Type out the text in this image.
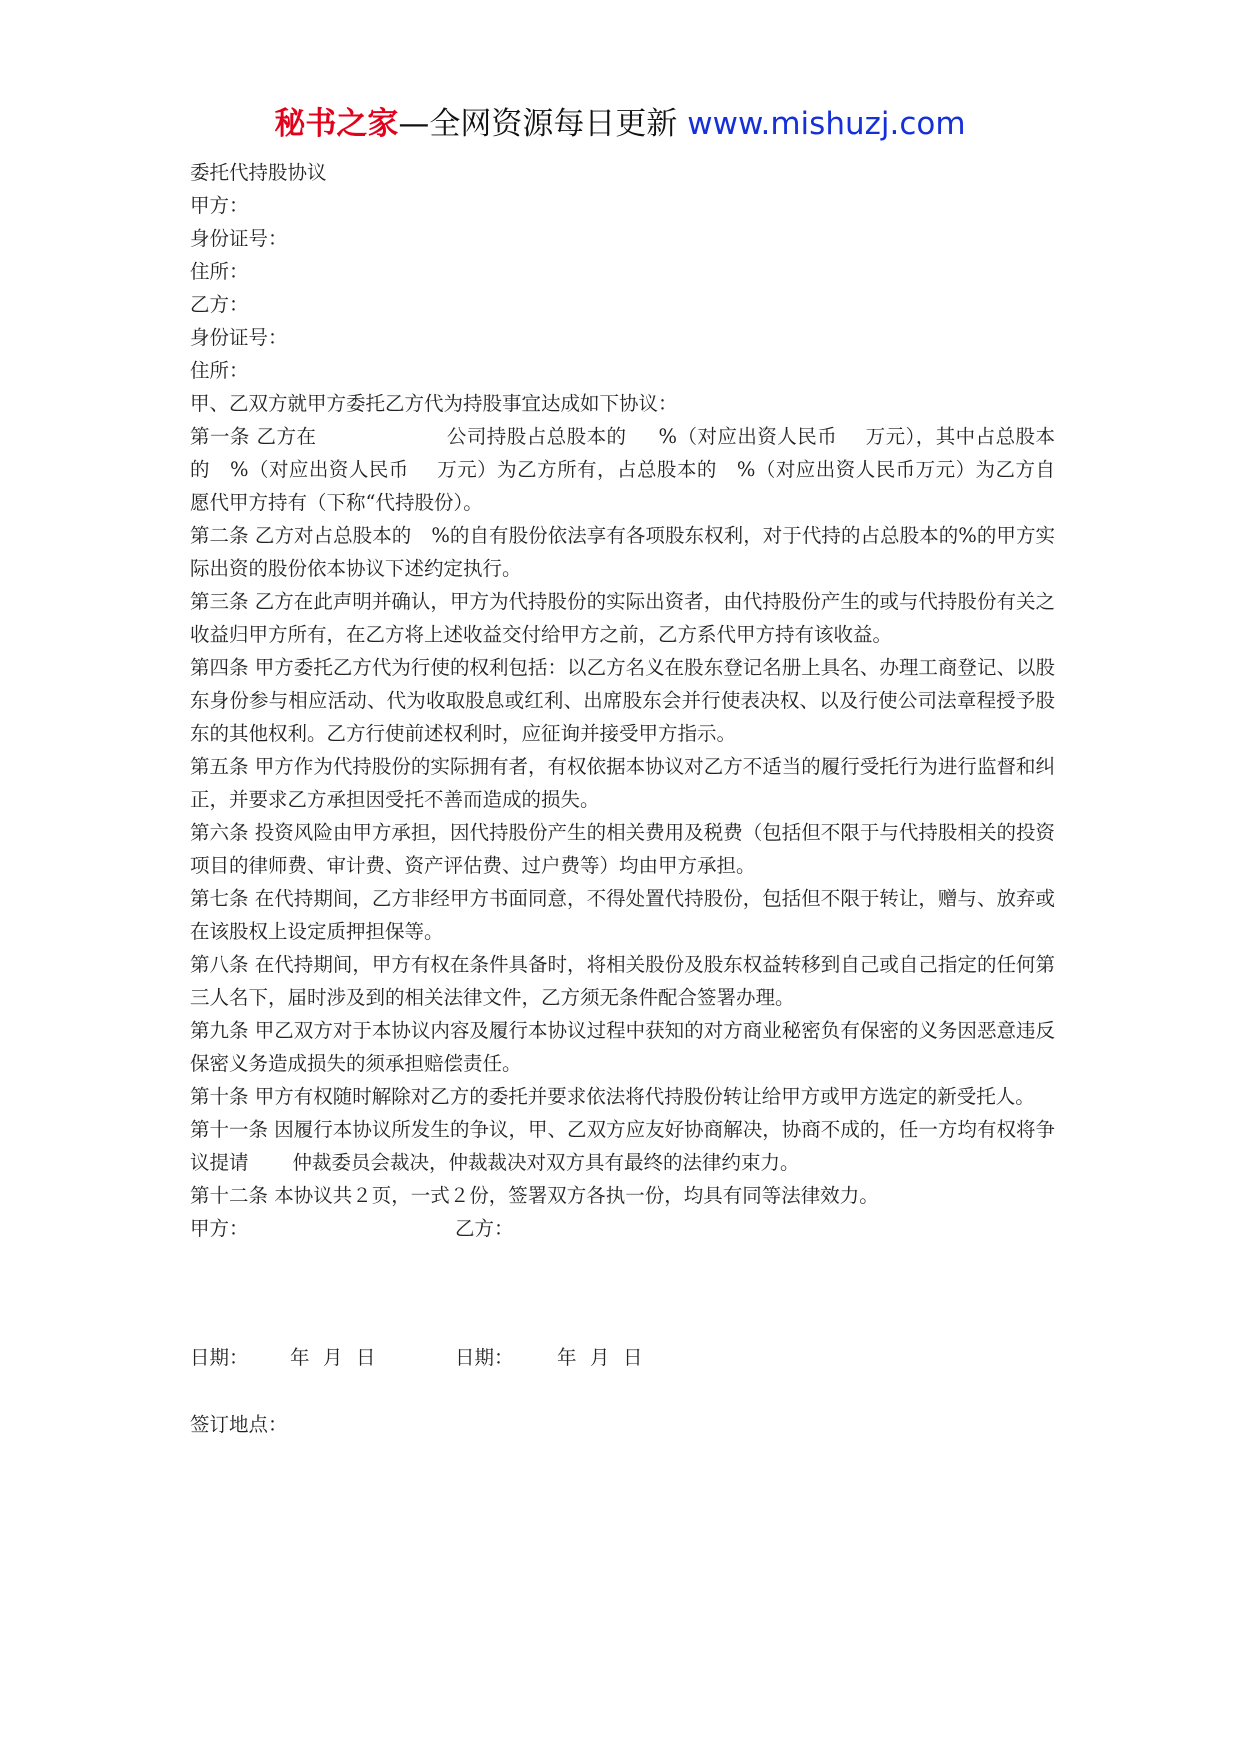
秘书之家—全网资源每日更新 www.mishuzj.com

委托代持股协议

甲方：

身份证号：

住所：

乙方：

身份证号：

住所：

甲、乙双方就甲方委托乙方代为持股事宜达成如下协议：

第一条 乙方在	公司持股占总股本的 %（对应出资人民币 万元），其中占总股本的 %（对应出资人民币 万元）为乙方所有，占总股本的 %（对应出资人民币万元）为乙方自愿代甲方持有（下称“代持股份）。

第二条 乙方对占总股本的 %的自有股份依法享有各项股东权利，对于代持的占总股本的%的甲方实际出资的股份依本协议下述约定执行。

第三条 乙方在此声明并确认，甲方为代持股份的实际出资者，由代持股份产生的或与代持股份有关之收益归甲方所有，在乙方将上述收益交付给甲方之前，乙方系代甲方持有该收益。

第四条 甲方委托乙方代为行使的权利包括：以乙方名义在股东登记名册上具名、办理工商登记、以股东身份参与相应活动、代为收取股息或红利、出席股东会并行使表决权、以及行使公司法章程授予股东的其他权利。乙方行使前述权利时，应征询并接受甲方指示。

第五条 甲方作为代持股份的实际拥有者，有权依据本协议对乙方不适当的履行受托行为进行监督和纠正，并要求乙方承担因受托不善而造成的损失。

第六条 投资风险由甲方承担，因代持股份产生的相关费用及税费（包括但不限于与代持股相关的投资项目的律师费、审计费、资产评估费、过户费等）均由甲方承担。

第七条 在代持期间，乙方非经甲方书面同意，不得处置代持股份，包括但不限于转让，赠与、放弃或在该股权上设定质押担保等。

第八条 在代持期间，甲方有权在条件具备时，将相关股份及股东权益转移到自己或自己指定的任何第三人名下，届时涉及到的相关法律文件，乙方须无条件配合签署办理。

第九条 甲乙双方对于本协议内容及履行本协议过程中获知的对方商业秘密负有保密的义务因恶意违反保密义务造成损失的须承担赔偿责任。

第十条 甲方有权随时解除对乙方的委托并要求依法将代持股份转让给甲方或甲方选定的新受托人。

第十一条 因履行本协议所发生的争议，甲、乙双方应友好协商解决，协商不成的，任一方均有权将争议提请 仲裁委员会裁决，仲裁裁决对双方具有最终的法律约束力。

第十二条 本协议共２页，一式２份，签署双方各执一份，均具有同等法律效力。

甲方：	乙方：

日期： 年 月 日	日期： 年 月 日

签订地点：
